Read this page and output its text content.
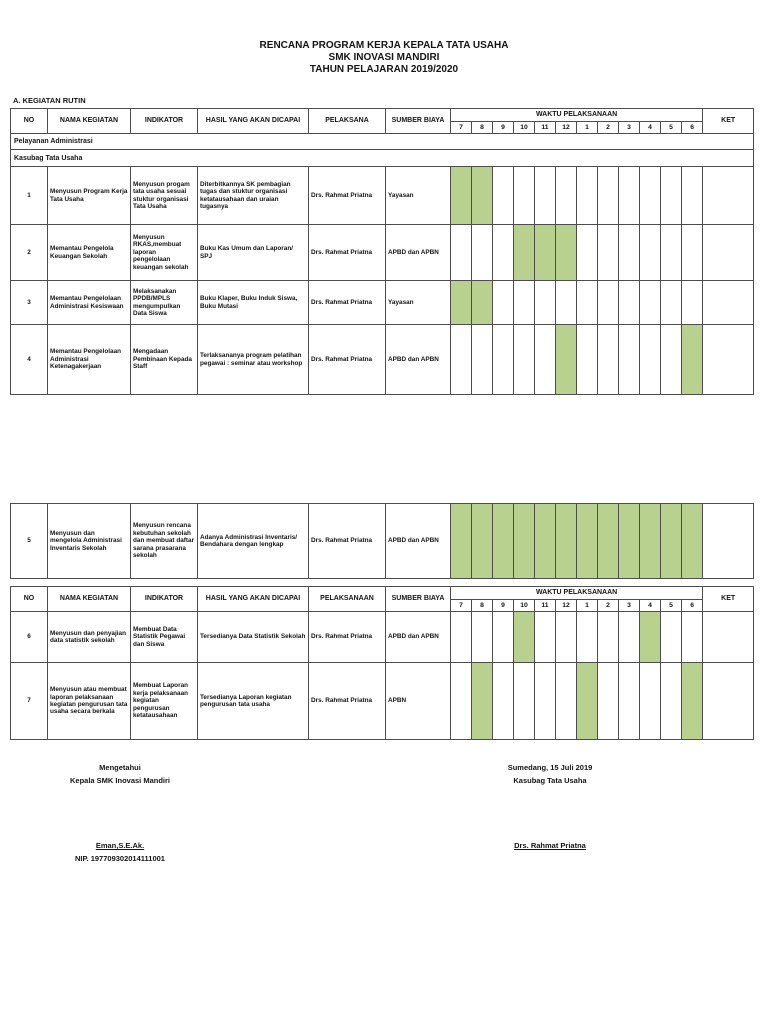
RENCANA PROGRAM KERJA KEPALA TATA USAHA
SMK INOVASI MANDIRI
TAHUN PELAJARAN 2019/2020
A. KEGIATAN RUTIN
NO	NAMA KEGIATAN	INDIKATOR	HASIL YANG AKAN DICAPAI	PELAKSANA	SUMBER BIAYA	WAKTU PELAKSANAAN												KET
						7	8	9	10	11	12	1	2	3	4	5	6	
Pelayanan Administrasi																		
Kasubag Tata Usaha																		
1	Menyusun Program Kerja Tata Usaha	Menyusun progam tata usaha sesuai stuktur organisasi Tata Usaha	Diterbitkannya SK pembagian tugas dan stuktur organisasi ketatausahaan dan uraian tugasnya	Drs. Rahmat Priatna	Yayasan													
2	Memantau Pengelola Keuangan Sekolah	Menyusun RKAS,membuat laporan pengelolaan keuangan sekolah	Buku Kas Umum dan Laporan/ SPJ	Drs. Rahmat Priatna	APBD dan APBN													
3	Memantau Pengelolaan Administrasi Kesiswaan	Melaksanakan PPDB/MPLS mengumpulkan Data Siswa	Buku Klaper, Buku Induk Siswa, Buku Mutasi	Drs. Rahmat Priatna	Yayasan													
4	Memantau Pengelolaan Administrasi Ketenagakerjaan	Mengadaan Pembinaan Kepada Staff	Terlaksananya program pelatihan pegawai : seminar atau workshop	Drs. Rahmat Priatna	APBD dan APBN													
5	Menyusun dan mengelola Administrasi Inventaris Sekolah	Menyusun rencana kebutuhan sekolah dan membuat daftar sarana prasarana sekolah	Adanya Administrasi Inventaris/ Bendahara dengan lengkap	Drs. Rahmat Priatna	APBD dan APBN													
NO	NAMA KEGIATAN	INDIKATOR	HASIL YANG AKAN DICAPAI	PELAKSANAAN	SUMBER BIAYA	WAKTU PELAKSANAAN												KET
						7	8	9	10	11	12	1	2	3	4	5	6	
6	Menyusun dan penyajian data statistik sekolah	Membuat Data Statistik Pegawai dan Siswa	Tersedianya Data Statistik Sekolah	Drs. Rahmat Priatna	APBD dan APBN													
7	Menyusun atau membuat laporan pelaksanaan kegiatan pengurusan tata usaha secara berkala	Membuat Laporan kerja pelaksanaan kegiatan pengurusan ketatausahaan	Tersedianya Laporan kegiatan pengurusan tata usaha	Drs. Rahmat Priatna	APBN													
Mengetahui
Kepala SMK Inovasi Mandiri
Eman,S.E.Ak.
NIP. 197709302014111001
Sumedang, 15 Juli 2019
Kasubag Tata Usaha
Drs. Rahmat Priatna
